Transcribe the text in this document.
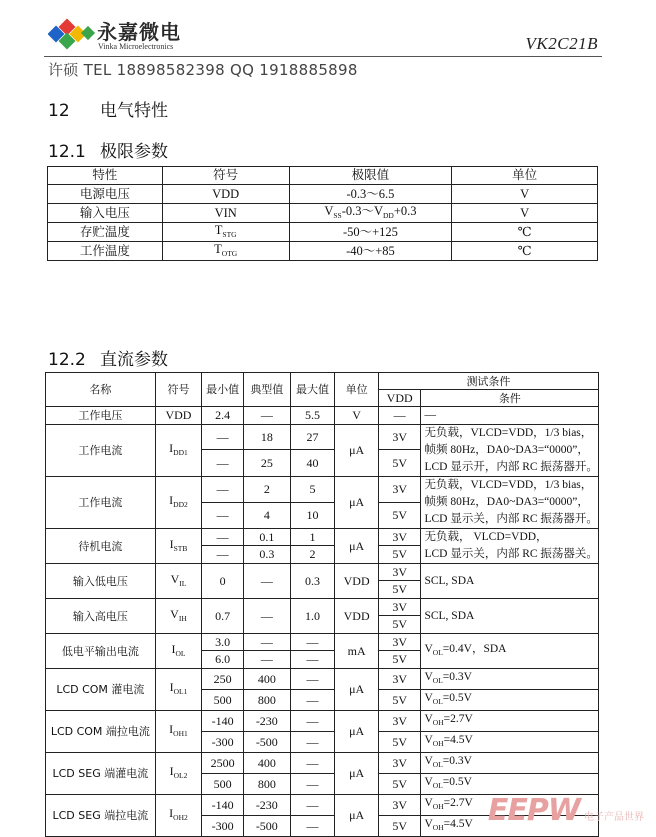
永嘉微电
Vinka Microelectronics	VK2C21B
许硕 TEL 18898582398 QQ 1918885898
12 电气特性
12.1 极限参数
特性	符号	极限值	单位
电源电压	VDD	-0.3～6.5	V
输入电压	VIN	$V_{SS}-0.3\sim V_{DD}+0.3$	V
存贮温度	$T_{STG}$	-50～+125	℃
工作温度	$T_{OTG}$	-40～+85	℃
12.2 直流参数
名称	符号	最小值	典型值	最大值	单位	测试条件	
						VDD	条件
工作电压	VDD	2.4	—	5.5	V	—	—
工作电流	$I_{DD1}$	—	18	27	μA	3V	无负载，VLCD=VDD，1/3 bias，
帧频 80Hz，DA0~DA3=“0000”，
LCD 显示开，内部 RC 振荡器开。

		—	25	40		5V	
工作电流	$I_{DD2}$	—	2	5	μA	3V	无负载，VLCD=VDD，1/3 bias，
帧频 80Hz，DA0~DA3=“0000”，
LCD 显示关，内部 RC 振荡器开。

		—	4	10		5V	
待机电流	$I_{STB}$	—	0.1	1	μA	3V	无负载， VLCD=VDD，
LCD 显示关，内部 RC 振荡器关。

		—	0.3	2		5V	
输入低电压	$V_{IL}$	0	—	0.3	VDD	3V	SCL, SDA
						5V	
输入高电压	$V_{IH}$	0.7	—	1.0	VDD	3V	SCL, SDA
						5V	
低电平输出电流	$I_{OL}$	3.0	—	—	mA	3V	$V_{OL}=0.4V$，SDA
		6.0	—	—		5V	
LCD COM 灌电流	$I_{OL1}$	250	400	—	μA	3V	$V_{OL}=0.3V$
		500	800	—		5V	$V_{OL}=0.5V$
LCD COM 端拉电流	$I_{OH1}$	-140	-230	—	μA	3V	$V_{OH}=2.7V$
		-300	-500	—		5V	$V_{OH}=4.5V$
LCD SEG 端灌电流	$I_{OL2}$	2500	400	—	μA	3V	$V_{OL}=0.3V$
		500	800	—		5V	$V_{OL}=0.5V$
LCD SEG 端拉电流	$I_{OH2}$	-140	-230	—	μA	3V	$V_{OH}=2.7V$
		-300	-500	—		5V	$V_{OH}=4.5V$ EEPW 电子产品世界
